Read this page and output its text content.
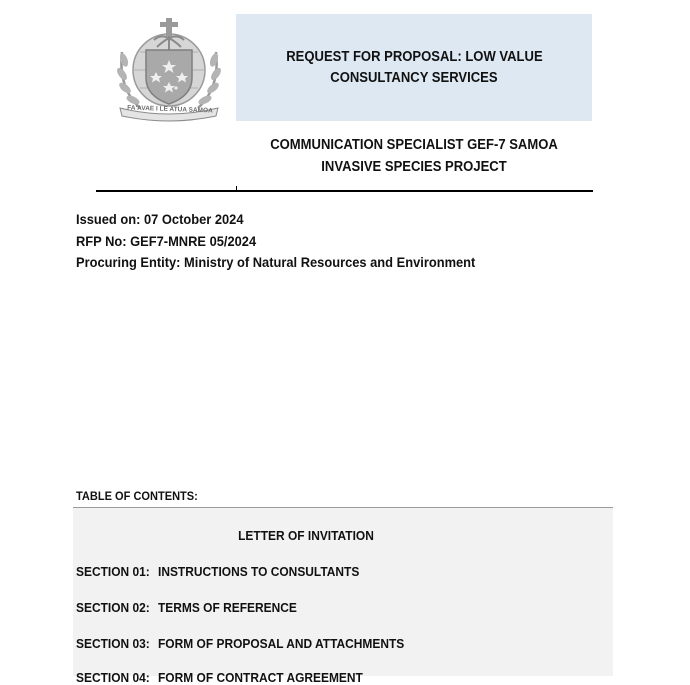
FA'AVAE I LE ATUA SAMOA
REQUEST FOR PROPOSAL: LOW VALUE
CONSULTANCY SERVICES
COMMUNICATION SPECIALIST GEF-7 SAMOA
INVASIVE SPECIES PROJECT
Issued on: 07 October 2024
RFP No: GEF7-MNRE 05/2024
Procuring Entity: Ministry of Natural Resources and Environment
TABLE OF CONTENTS:
LETTER OF INVITATION
SECTION 01: INSTRUCTIONS TO CONSULTANTS
SECTION 02: TERMS OF REFERENCE
SECTION 03: FORM OF PROPOSAL AND ATTACHMENTS
SECTION 04: FORM OF CONTRACT AGREEMENT
